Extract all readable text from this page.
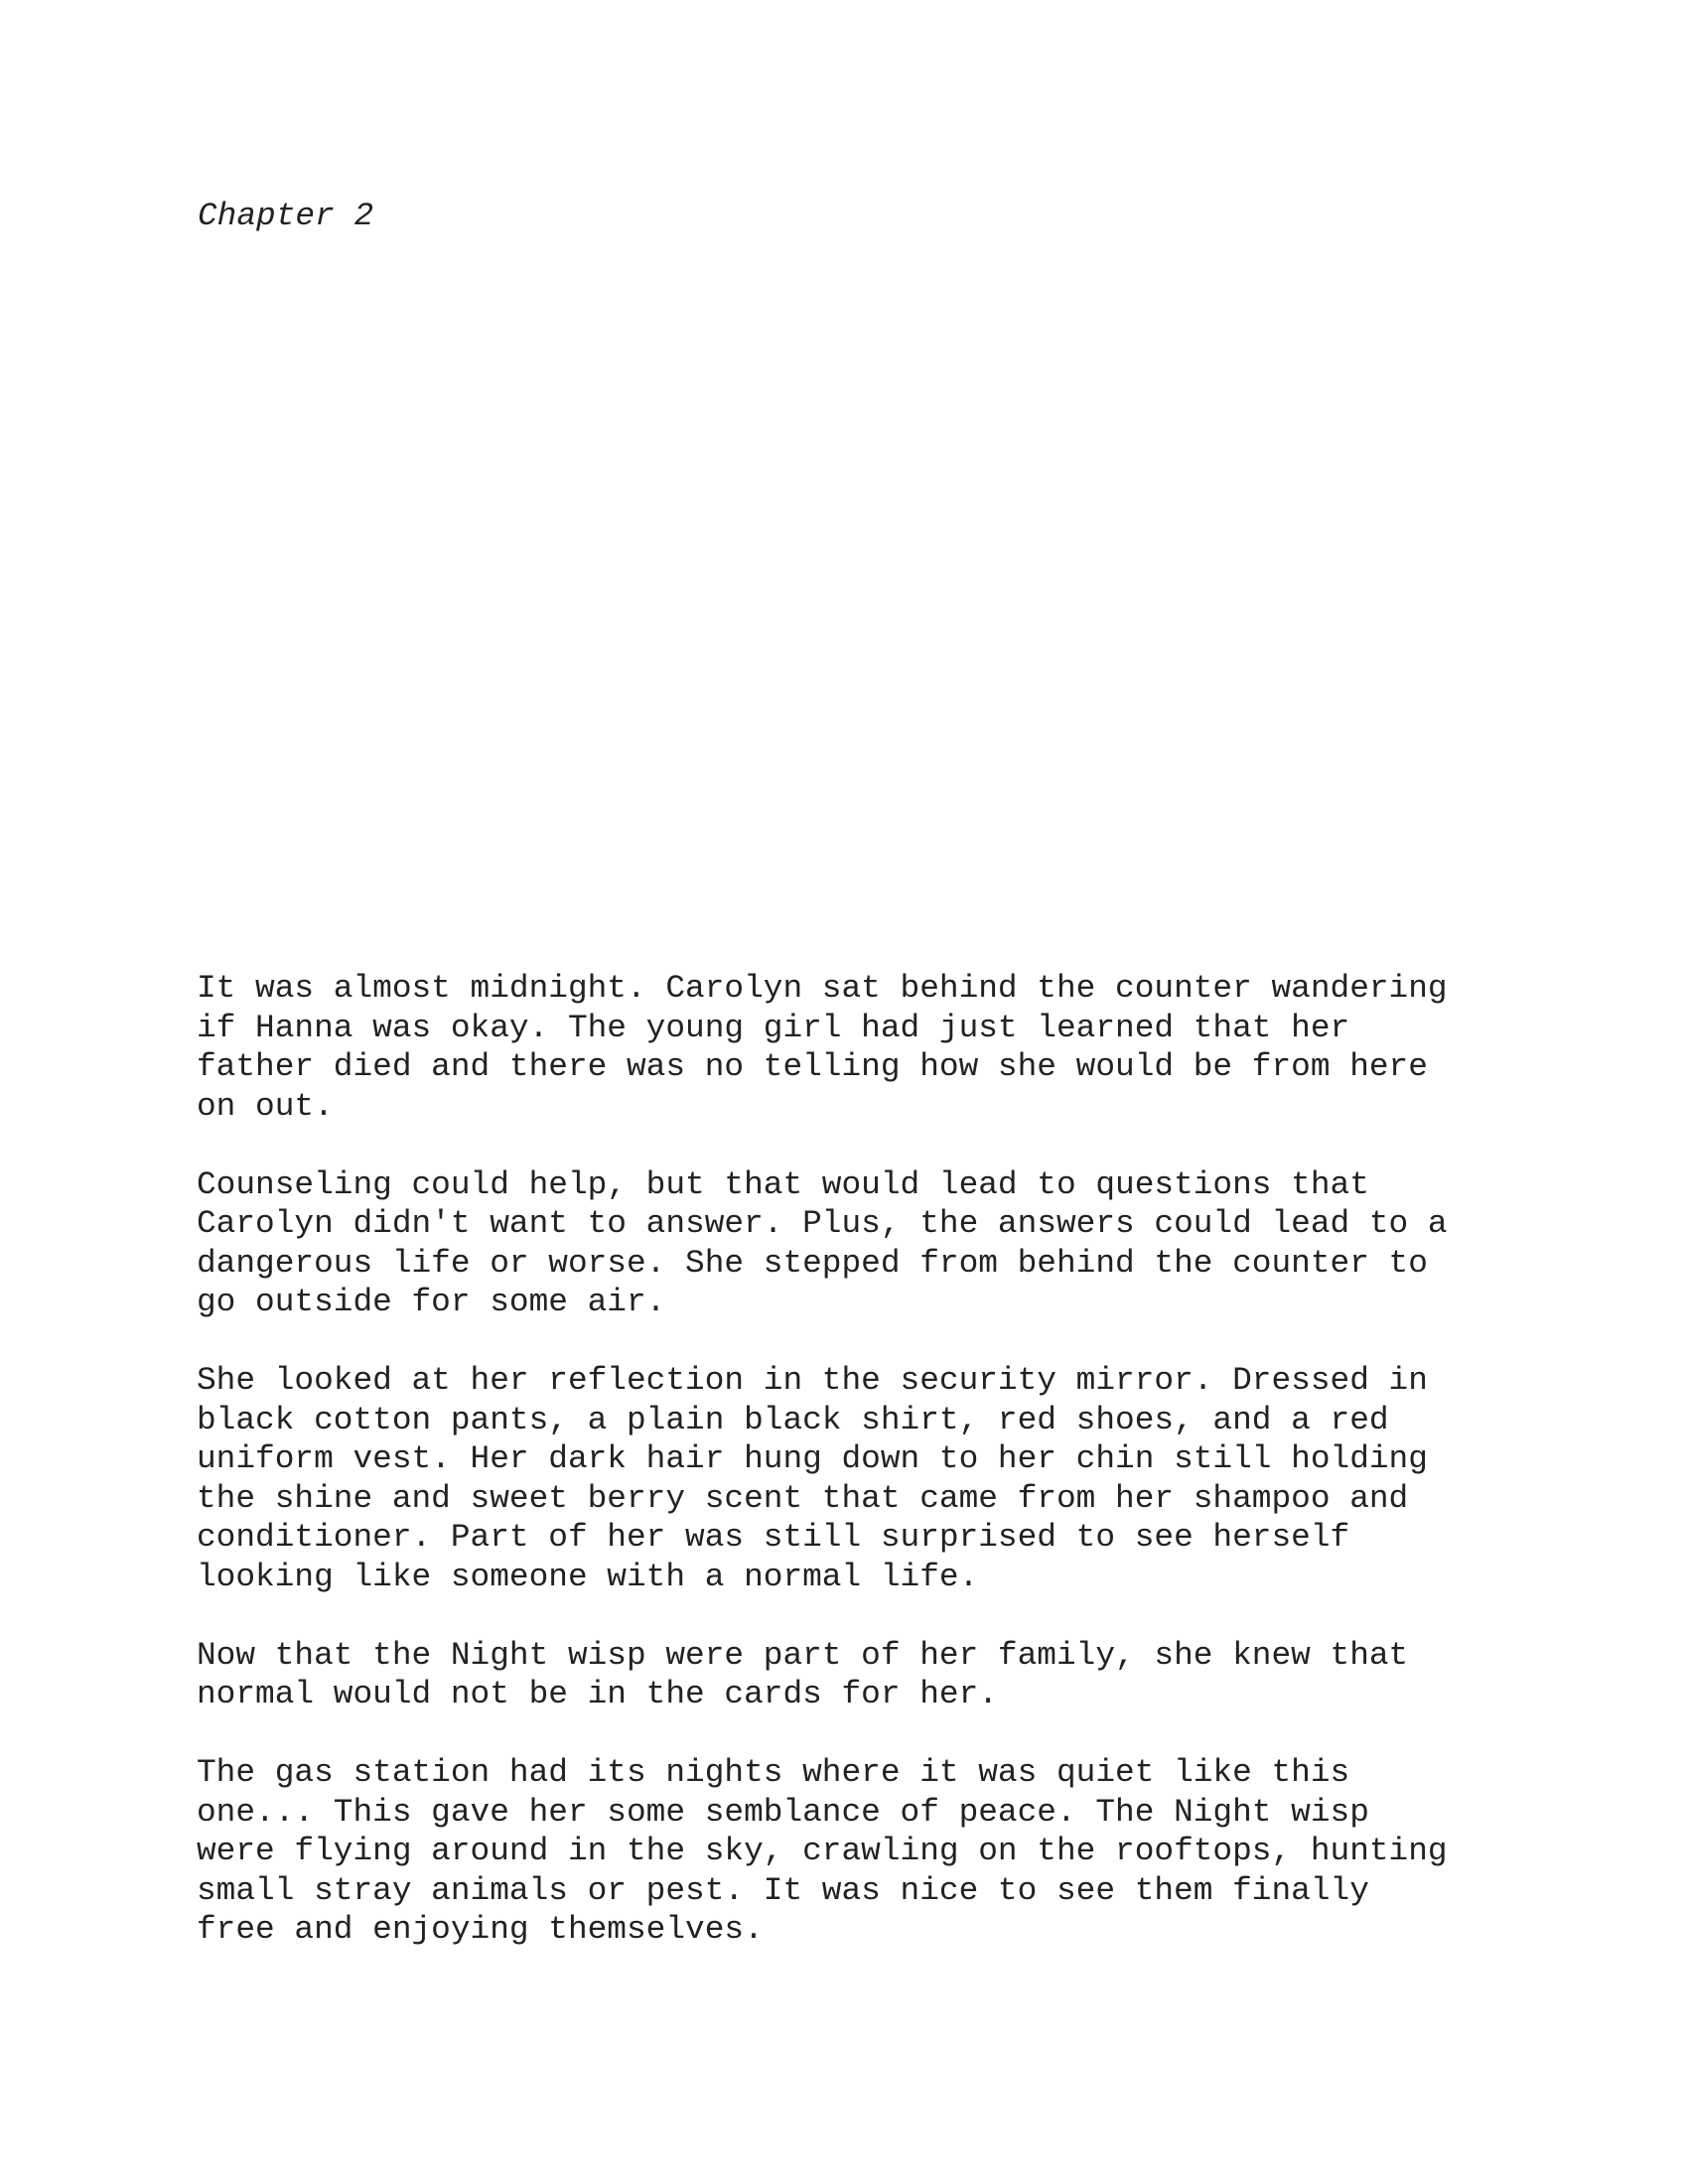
Chapter 2

It was almost midnight. Carolyn sat behind the counter wandering
if Hanna was okay. The young girl had just learned that her
father died and there was no telling how she would be from here
on out.

Counseling could help, but that would lead to questions that
Carolyn didn't want to answer. Plus, the answers could lead to a
dangerous life or worse. She stepped from behind the counter to
go outside for some air.

She looked at her reflection in the security mirror. Dressed in
black cotton pants, a plain black shirt, red shoes, and a red
uniform vest. Her dark hair hung down to her chin still holding
the shine and sweet berry scent that came from her shampoo and
conditioner. Part of her was still surprised to see herself
looking like someone with a normal life.

Now that the Night wisp were part of her family, she knew that
normal would not be in the cards for her.

The gas station had its nights where it was quiet like this
one... This gave her some semblance of peace. The Night wisp
were flying around in the sky, crawling on the rooftops, hunting
small stray animals or pest. It was nice to see them finally
free and enjoying themselves.
